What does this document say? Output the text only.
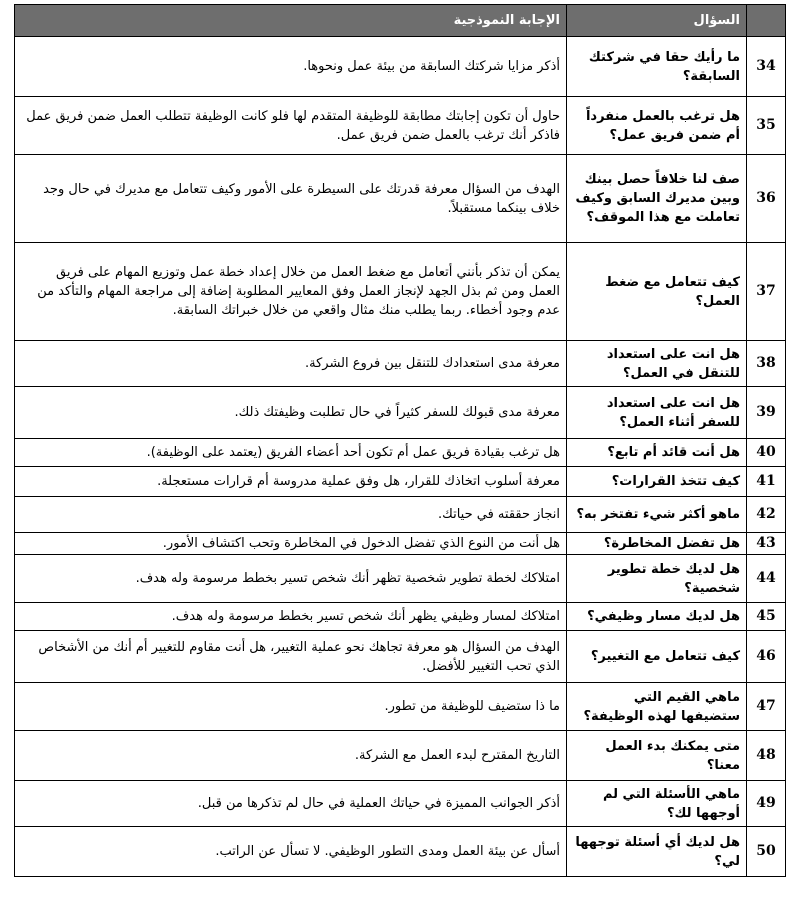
	السؤال	الإجابة النموذجية
34	ما رأيك حقا في شركتك السابقة؟	أذكر مزايا شركتك السابقة من بيئة عمل ونحوها.
35	هل ترغب بالعمل منفرداً أم ضمن فريق عمل؟	حاول أن تكون إجابتك مطابقة للوظيفة المتقدم لها فلو كانت الوظيفة تتطلب العمل ضمن فريق عمل فاذكر أنك ترغب بالعمل ضمن فريق عمل.
36	صف لنا خلافاً حصل بينك وبين مديرك السابق وكيف تعاملت مع هذا الموقف؟	الهدف من السؤال معرفة قدرتك على السيطرة على الأمور وكيف تتعامل مع مديرك في حال وجد خلاف بينكما مستقبلاً.
37	كيف تتعامل مع ضغط العمل؟	يمكن أن تذكر بأنني أتعامل مع ضغط العمل من خلال إعداد خطة عمل وتوزيع المهام على فريق العمل ومن ثم بذل الجهد لإنجاز العمل وفق المعايير المطلوبة إضافة إلى مراجعة المهام والتأكد من عدم وجود أخطاء. ربما يطلب منك مثال واقعي من خلال خبراتك السابقة.
38	هل انت على استعداد للتنقل في العمل؟	معرفة مدى استعدادك للتنقل بين فروع الشركة.
39	هل انت على استعداد للسفر أثناء العمل؟	معرفة مدى قبولك للسفر كثيراً في حال تطلبت وظيفتك ذلك.
40	هل أنت قائد أم تابع؟	هل ترغب بقيادة فريق عمل أم تكون أحد أعضاء الفريق (يعتمد على الوظيفة).
41	كيف تتخذ القرارات؟	معرفة أسلوب اتخاذك للقرار، هل وفق عملية مدروسة أم قرارات مستعجلة.
42	ماهو أكثر شيء تفتخر به؟	انجاز حققته في حياتك.
43	هل تفضل المخاطرة؟	هل أنت من النوع الذي تفضل الدخول في المخاطرة وتحب اكتشاف الأمور.
44	هل لديك خطة تطوير شخصية؟	امتلاكك لخطة تطوير شخصية تظهر أنك شخص تسير بخطط مرسومة وله هدف.
45	هل لديك مسار وظيفي؟	امتلاكك لمسار وظيفي يظهر أنك شخص تسير بخطط مرسومة وله هدف.
46	كيف تتعامل مع التغيير؟	الهدف من السؤال هو معرفة تجاهك نحو عملية التغيير، هل أنت مقاوم للتغيير أم أنك من الأشخاص الذي تحب التغيير للأفضل.
47	ماهي القيم التي ستضيفها لهذه الوظيفة؟	ما ذا ستضيف للوظيفة من تطور.
48	متى يمكنك بدء العمل معنا؟	التاريخ المقترح لبدء العمل مع الشركة.
49	ماهي الأسئلة التي لم أوجهها لك؟	أذكر الجوانب المميزة في حياتك العملية في حال لم تذكرها من قبل.
50	هل لديك أي أسئلة توجهها لي؟	أسأل عن بيئة العمل ومدى التطور الوظيفي. لا تسأل عن الراتب.
